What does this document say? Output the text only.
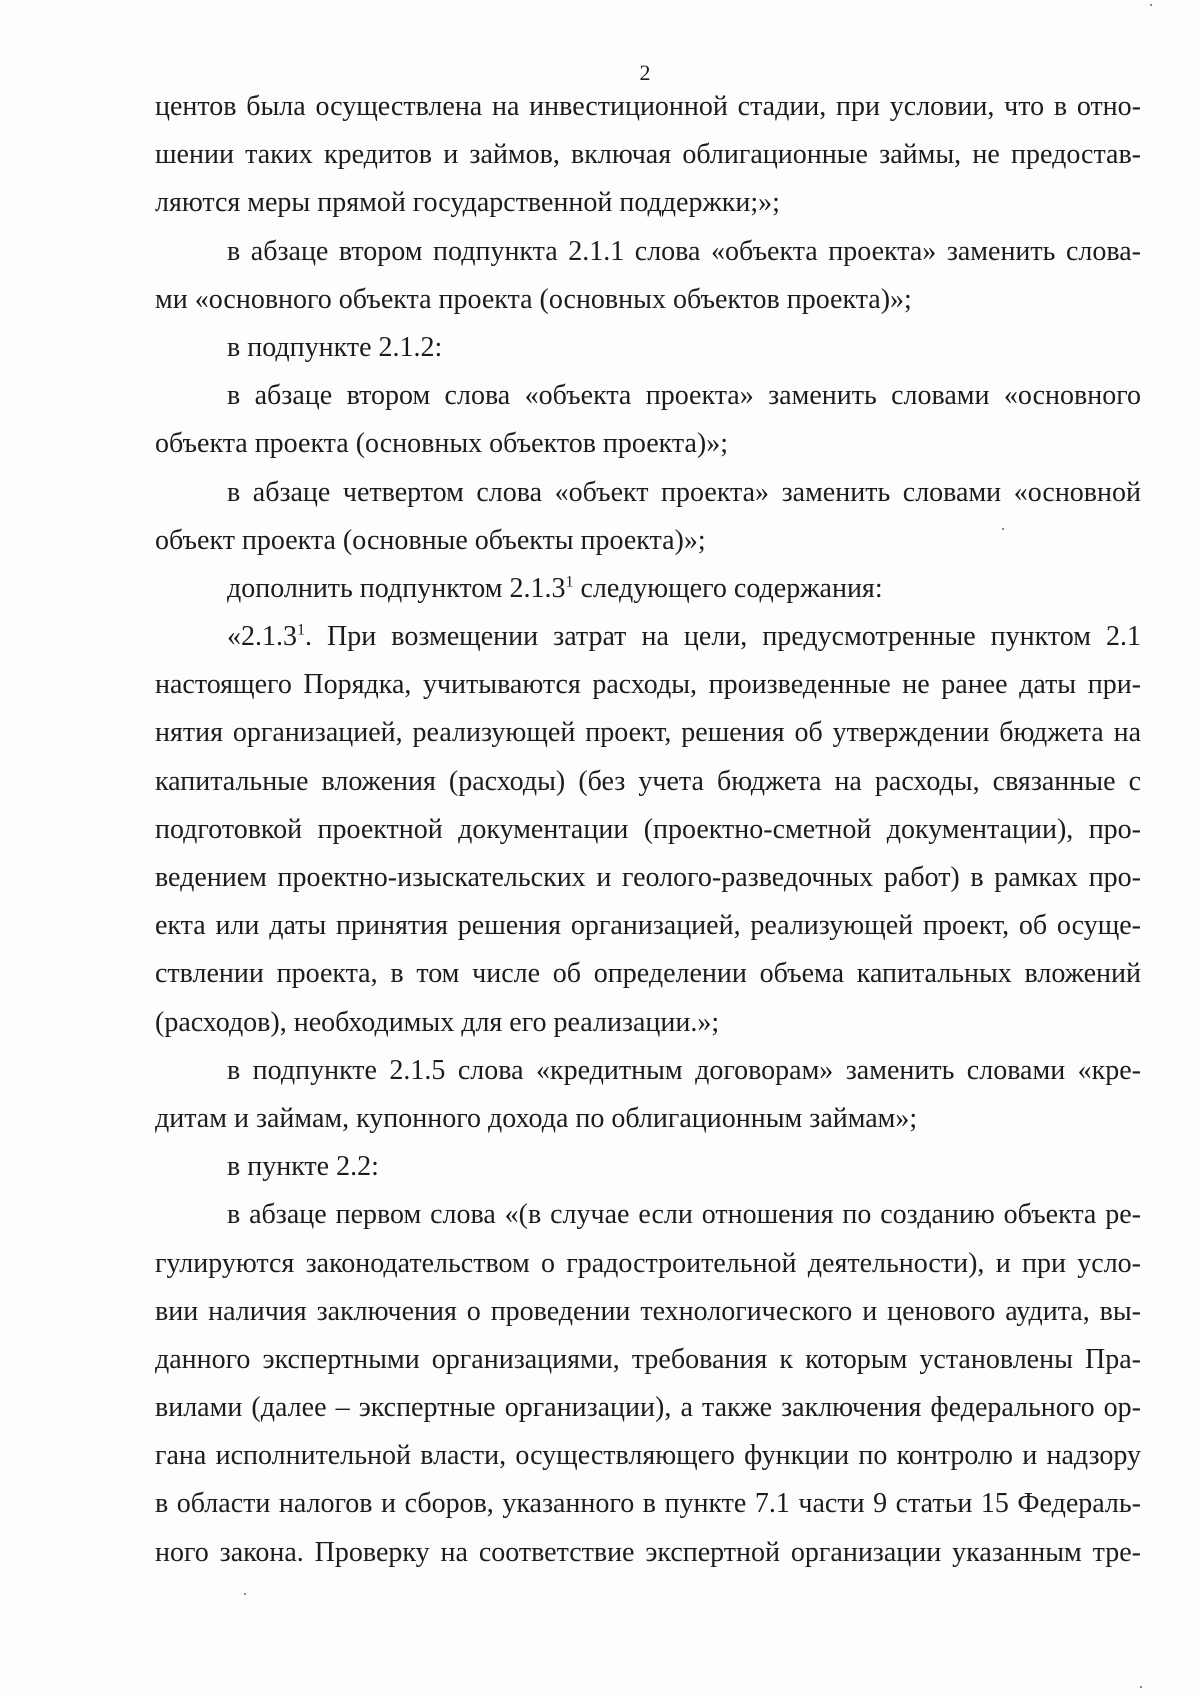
2
центов была осуществлена на инвестиционной стадии, при условии, что в отно-
шении таких кредитов и займов, включая облигационные займы, не предостав-
ляются меры прямой государственной поддержки;»;
в абзаце втором подпункта 2.1.1 слова «объекта проекта» заменить слова-
ми «основного объекта проекта (основных объектов проекта)»;
в подпункте 2.1.2:
в абзаце втором слова «объекта проекта» заменить словами «основного
объекта проекта (основных объектов проекта)»;
в абзаце четвертом слова «объект проекта» заменить словами «основной
объект проекта (основные объекты проекта)»;
дополнить подпунктом 2.1.3$^1$ следующего содержания:
«2.1.3$^1$. При возмещении затрат на цели, предусмотренные пунктом 2.1
настоящего Порядка, учитываются расходы, произведенные не ранее даты при-
нятия организацией, реализующей проект, решения об утверждении бюджета на
капитальные вложения (расходы) (без учета бюджета на расходы, связанные с
подготовкой проектной документации (проектно-сметной документации), про-
ведением проектно-изыскательских и геолого-разведочных работ) в рамках про-
екта или даты принятия решения организацией, реализующей проект, об осуще-
ствлении проекта, в том числе об определении объема капитальных вложений
(расходов), необходимых для его реализации.»;
в подпункте 2.1.5 слова «кредитным договорам» заменить словами «кре-
дитам и займам, купонного дохода по облигационным займам»;
в пункте 2.2:
в абзаце первом слова «(в случае если отношения по созданию объекта ре-
гулируются законодательством о градостроительной деятельности), и при усло-
вии наличия заключения о проведении технологического и ценового аудита, вы-
данного экспертными организациями, требования к которым установлены Пра-
вилами (далее – экспертные организации), а также заключения федерального ор-
гана исполнительной власти, осуществляющего функции по контролю и надзору
в области налогов и сборов, указанного в пункте 7.1 части 9 статьи 15 Федераль-
ного закона. Проверку на соответствие экспертной организации указанным тре-
